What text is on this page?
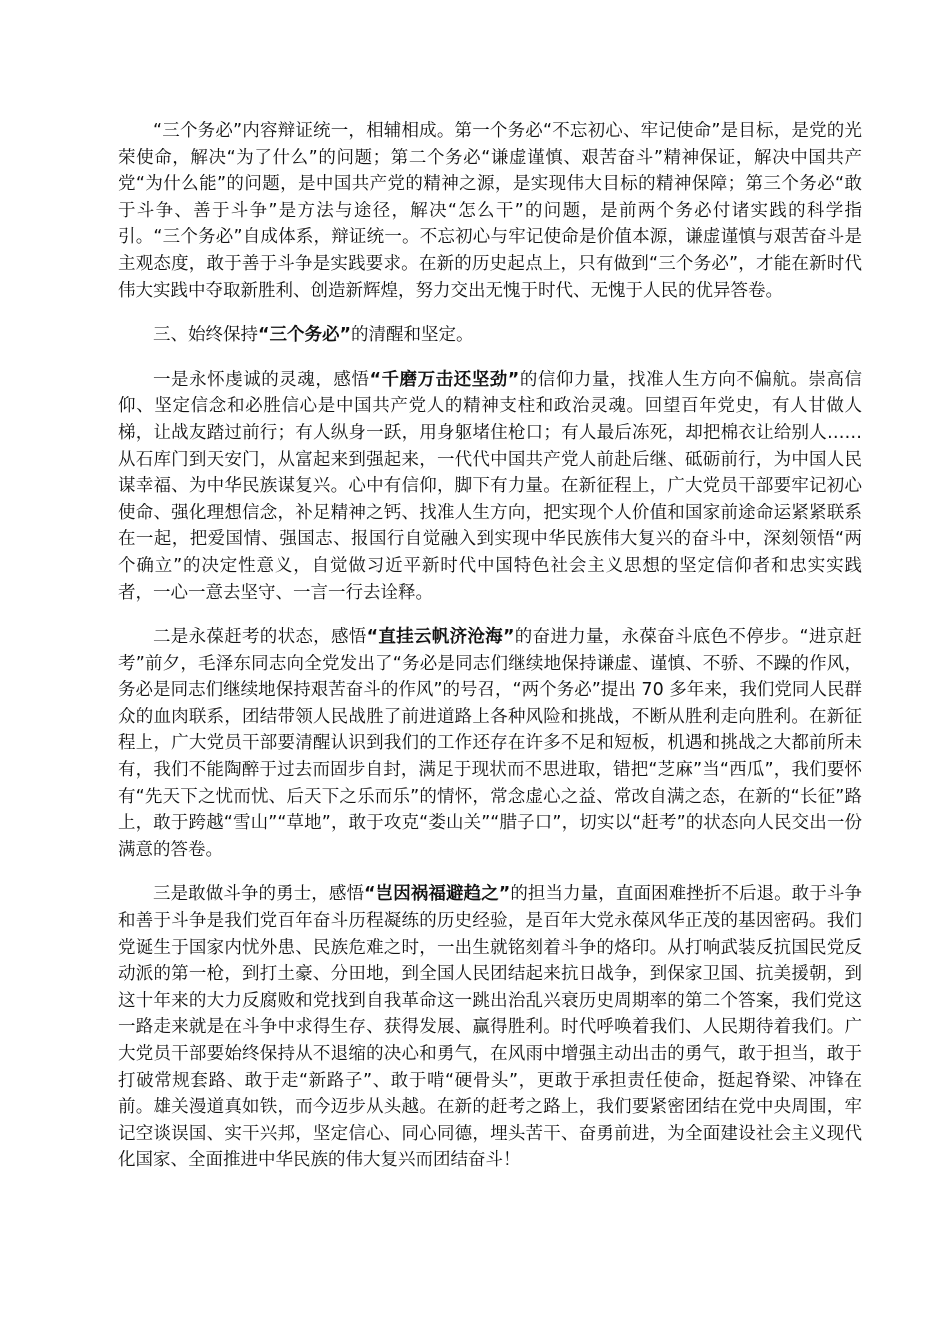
“三个务必”内容辩证统一，相辅相成。第一个务必“不忘初心、牢记使命”是目标，是党的光荣使命，解决“为了什么”的问题；第二个务必“谦虚谨慎、艰苦奋斗”精神保证，解决中国共产党“为什么能”的问题，是中国共产党的精神之源，是实现伟大目标的精神保障；第三个务必“敢于斗争、善于斗争”是方法与途径，解决“怎么干”的问题，是前两个务必付诸实践的科学指引。“三个务必”自成体系，辩证统一。不忘初心与牢记使命是价值本源，谦虚谨慎与艰苦奋斗是主观态度，敢于善于斗争是实践要求。在新的历史起点上，只有做到“三个务必”，才能在新时代伟大实践中夺取新胜利、创造新辉煌，努力交出无愧于时代、无愧于人民的优异答卷。

三、始终保持“三个务必”的清醒和坚定。

一是永怀虔诚的灵魂，感悟“千磨万击还坚劲”的信仰力量，找准人生方向不偏航。崇高信仰、坚定信念和必胜信心是中国共产党人的精神支柱和政治灵魂。回望百年党史，有人甘做人梯，让战友踏过前行；有人纵身一跃，用身躯堵住枪口；有人最后冻死，却把棉衣让给别人……从石库门到天安门，从富起来到强起来，一代代中国共产党人前赴后继、砥砺前行，为中国人民谋幸福、为中华民族谋复兴。心中有信仰，脚下有力量。在新征程上，广大党员干部要牢记初心使命、强化理想信念，补足精神之钙、找准人生方向，把实现个人价值和国家前途命运紧紧联系在一起，把爱国情、强国志、报国行自觉融入到实现中华民族伟大复兴的奋斗中，深刻领悟“两个确立”的决定性意义，自觉做习近平新时代中国特色社会主义思想的坚定信仰者和忠实实践者，一心一意去坚守、一言一行去诠释。

二是永葆赶考的状态，感悟“直挂云帆济沧海”的奋进力量，永葆奋斗底色不停步。“进京赶考”前夕，毛泽东同志向全党发出了“务必是同志们继续地保持谦虚、谨慎、不骄、不躁的作风，务必是同志们继续地保持艰苦奋斗的作风”的号召，“两个务必”提出 70 多年来，我们党同人民群众的血肉联系，团结带领人民战胜了前进道路上各种风险和挑战，不断从胜利走向胜利。在新征程上，广大党员干部要清醒认识到我们的工作还存在许多不足和短板，机遇和挑战之大都前所未有，我们不能陶醉于过去而固步自封，满足于现状而不思进取，错把“芝麻”当“西瓜”，我们要怀有“先天下之忧而忧、后天下之乐而乐”的情怀，常念虚心之益、常改自满之态，在新的“长征”路上，敢于跨越“雪山”“草地”，敢于攻克“娄山关”“腊子口”，切实以“赶考”的状态向人民交出一份满意的答卷。

三是敢做斗争的勇士，感悟“岂因祸福避趋之”的担当力量，直面困难挫折不后退。敢于斗争和善于斗争是我们党百年奋斗历程凝练的历史经验，是百年大党永葆风华正茂的基因密码。我们党诞生于国家内忧外患、民族危难之时，一出生就铭刻着斗争的烙印。从打响武装反抗国民党反动派的第一枪，到打土豪、分田地，到全国人民团结起来抗日战争，到保家卫国、抗美援朝，到这十年来的大力反腐败和党找到自我革命这一跳出治乱兴衰历史周期率的第二个答案，我们党这一路走来就是在斗争中求得生存、获得发展、赢得胜利。时代呼唤着我们、人民期待着我们。广大党员干部要始终保持从不退缩的决心和勇气，在风雨中增强主动出击的勇气，敢于担当，敢于打破常规套路、敢于走“新路子”、敢于啃“硬骨头”，更敢于承担责任使命，挺起脊梁、冲锋在前。雄关漫道真如铁，而今迈步从头越。在新的赶考之路上，我们要紧密团结在党中央周围，牢记空谈误国、实干兴邦，坚定信心、同心同德，埋头苦干、奋勇前进，为全面建设社会主义现代化国家、全面推进中华民族的伟大复兴而团结奋斗！
